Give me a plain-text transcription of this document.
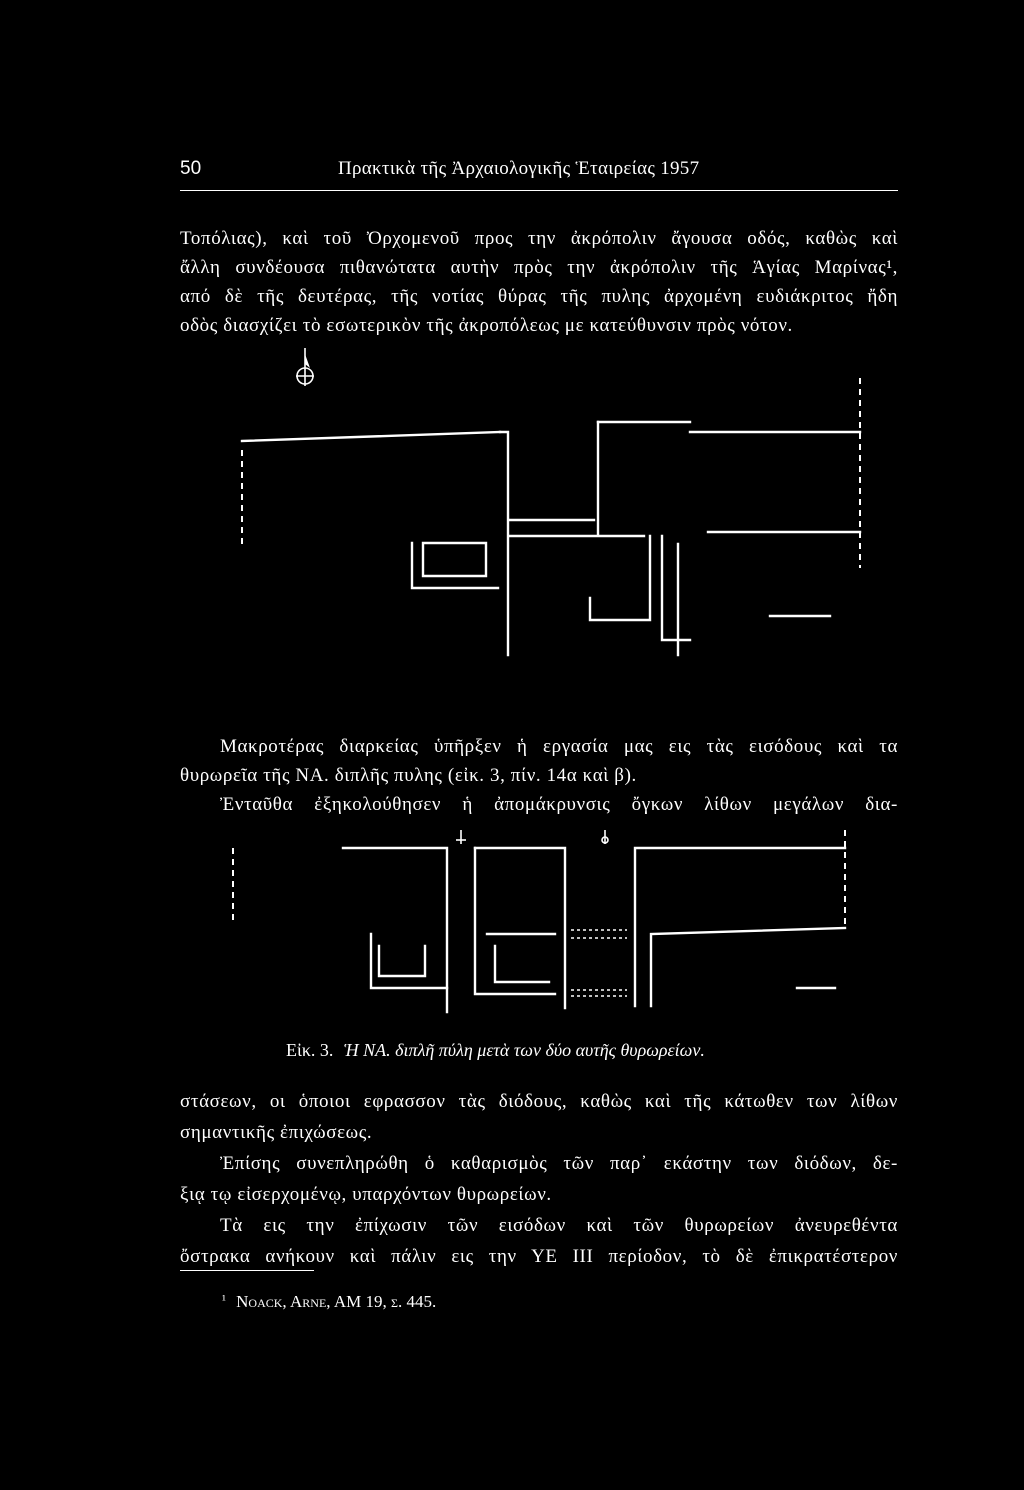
50	Πρακτικὰ τῆς Ἀρχαιολογικῆς Ἑταιρείας 1957
Τοπόλιας), καὶ τοῦ Ὀρχομενοῦ προς την ἀκρόπολιν ἄγουσα οδός, καθὼς καὶ
ἄλλη συνδέουσα πιθανώτατα αυτὴν πρὸς την ἀκρόπολιν τῆς Ἁγίας Μαρίνας¹,
από δὲ τῆς δευτέρας, τῆς νοτίας θύρας τῆς πυλης ἀρχομένη ευδιάκριτος ἤδη
οδὸς διασχίζει τὸ εσωτερικὸν τῆς ἀκροπόλεως με κατεύθυνσιν πρὸς νότον.
Μακροτέρας διαρκείας ὑπῆρξεν ἡ εργασία μας εις τὰς εισόδους καὶ τα
θυρωρεῖα τῆς ΝΑ. διπλῆς πυλης (εἰκ. 3, πίν. 14α καὶ β).
Ἐνταῦθα ἐξηκολούθησεν ἡ ἀπομάκρυνσις ὄγκων λίθων μεγάλων δια-
Εἰκ. 3. Ἡ ΝΑ. διπλῆ πύλη μετὰ των δύο αυτῆς θυρωρείων.
στάσεων, οι ὁποιοι εφρασσον τὰς διόδους, καθὼς καὶ τῆς κάτωθεν των λίθων
σημαντικῆς ἐπιχώσεως.
Ἐπίσης συνεπληρώθη ὁ καθαρισμὸς τῶν παρ᾽ εκάστην των διόδων, δε-
ξιᾳ τῳ εἰσερχομένῳ, υπαρχόντων θυρωρείων.
Τὰ εις την ἐπίχωσιν τῶν εισόδων καὶ τῶν θυρωρείων ἀνευρεθέντα
ὄστρακα ανήκουν καὶ πάλιν εις την ΥΕ III περίοδον, τὸ δὲ ἐπικρατέστερον
$^{^1}$ Noack, Arne, AM 19, σ. 445.
